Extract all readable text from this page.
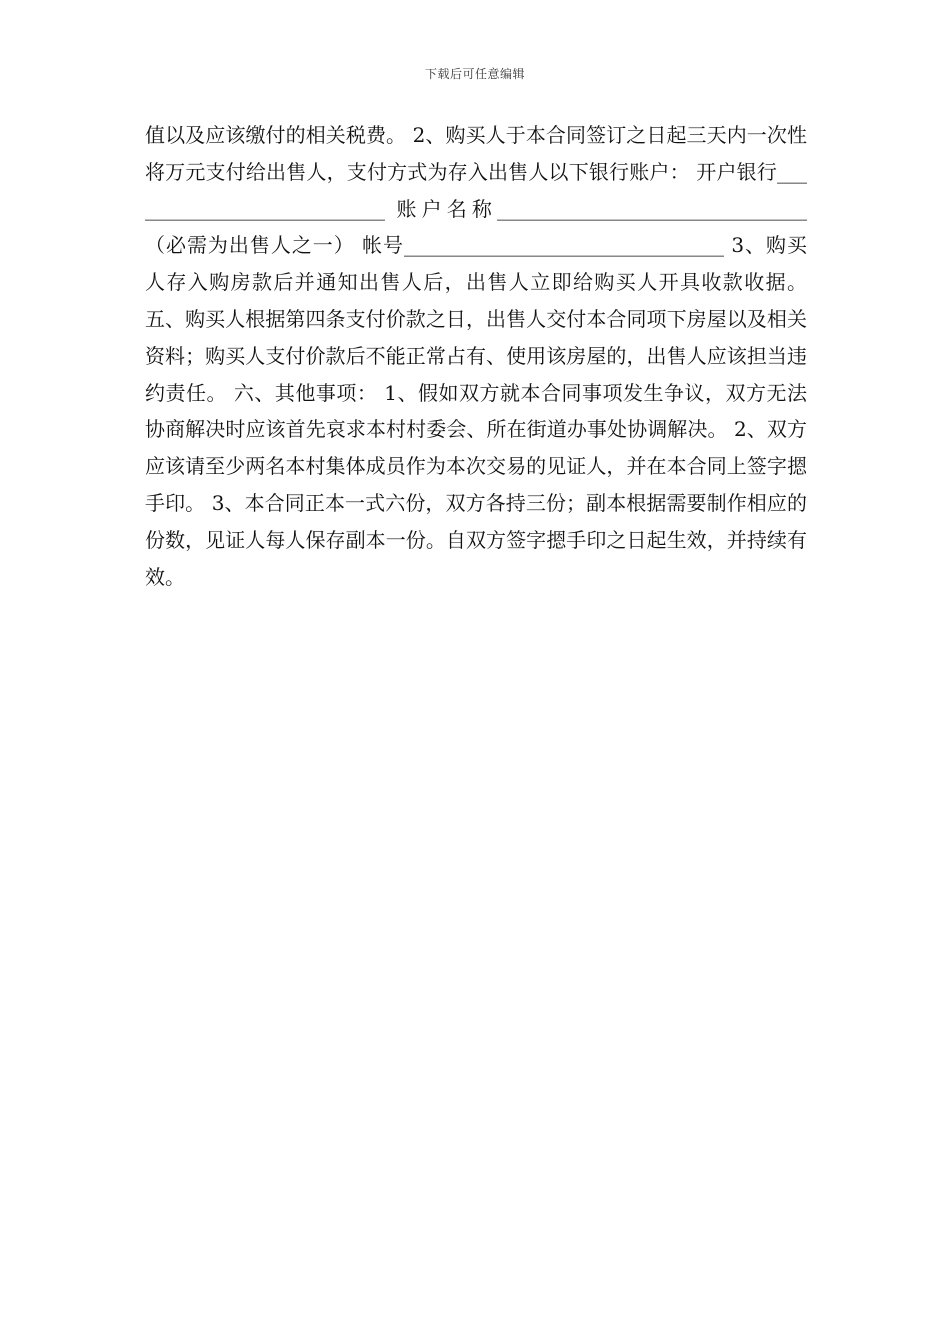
下载后可任意编辑

值以及应该缴付的相关税费。 2、购买人于本合同签订之日起三天内一次性将万元支付给出售人，支付方式为存入出售人以下银行账户： 开户银行___________________________ 账户名称_______________________________（必需为出售人之一） 帐号________________________________ 3、购买人存入购房款后并通知出售人后，出售人立即给购买人开具收款收据。 五、购买人根据第四条支付价款之日，出售人交付本合同项下房屋以及相关资料；购买人支付价款后不能正常占有、使用该房屋的，出售人应该担当违约责任。 六、其他事项： 1、假如双方就本合同事项发生争议，双方无法协商解决时应该首先哀求本村村委会、所在街道办事处协调解决。 2、双方应该请至少两名本村集体成员作为本次交易的见证人，并在本合同上签字摁手印。 3、本合同正本一式六份，双方各持三份；副本根据需要制作相应的份数，见证人每人保存副本一份。自双方签字摁手印之日起生效，并持续有效。
